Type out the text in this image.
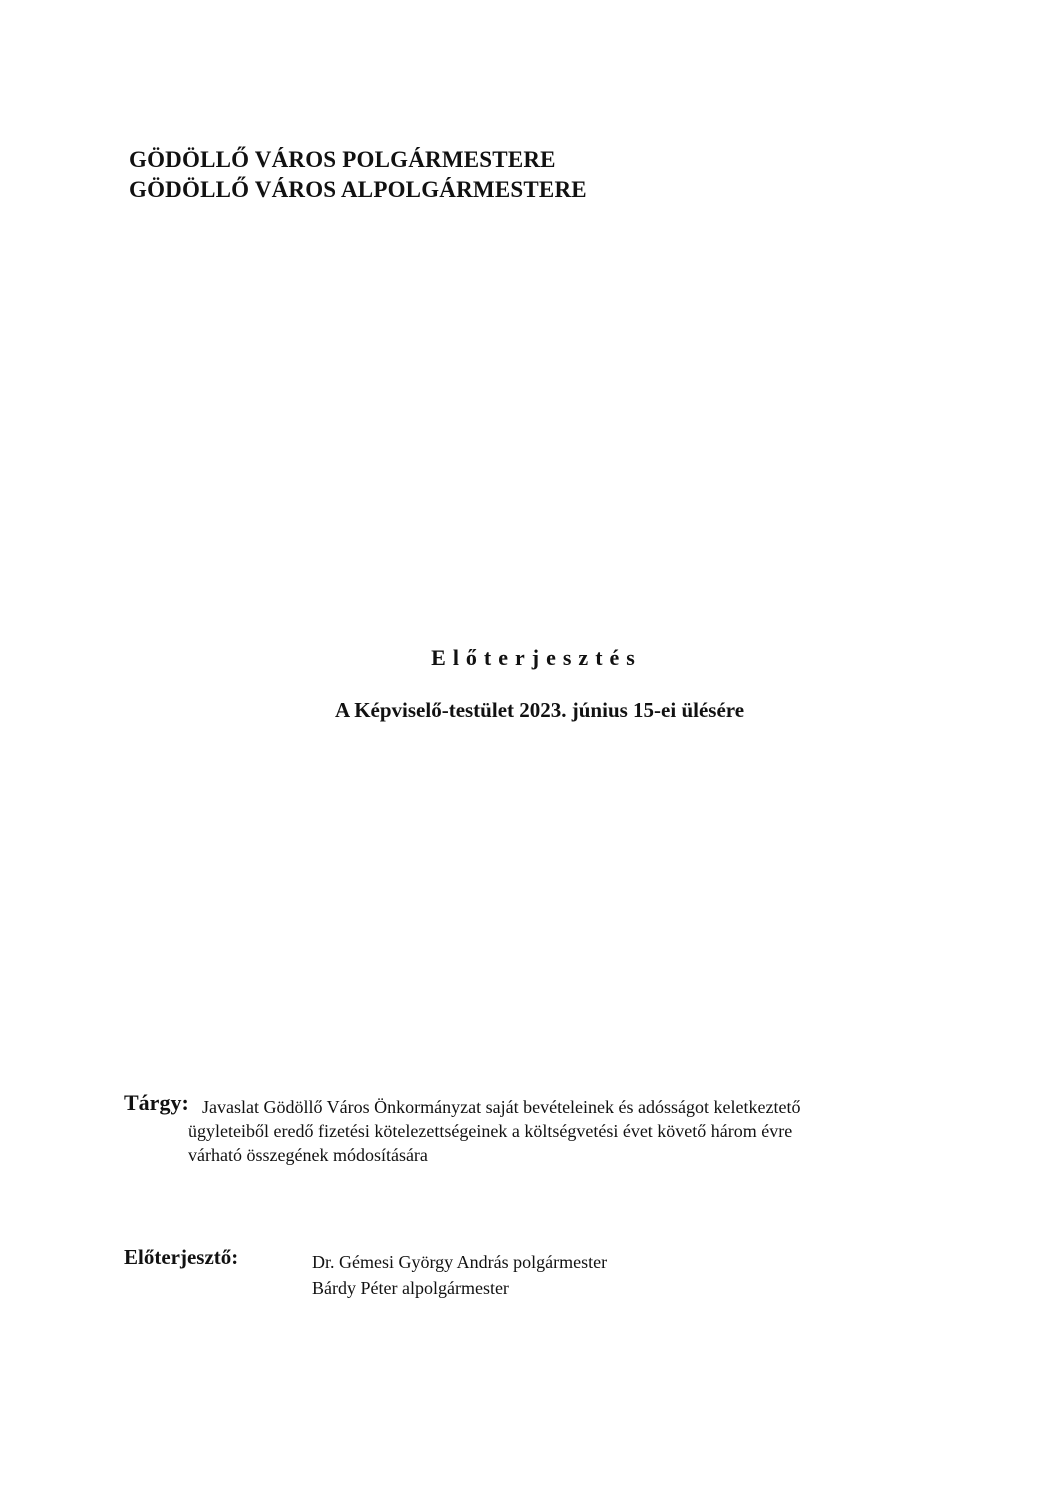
GÖDÖLLŐ VÁROS POLGÁRMESTERE
GÖDÖLLŐ VÁROS ALPOLGÁRMESTERE
Előterjesztés
A Képviselő-testület 2023. június 15-ei ülésére
Tárgy: Javaslat Gödöllő Város Önkormányzat saját bevételeinek és adósságot keletkeztető
ügyleteiből eredő fizetési kötelezettségeinek a költségvetési évet követő három évre
várható összegének módosítására
Előterjesztő:	Dr. Gémesi György András polgármester
Bárdy Péter alpolgármester
